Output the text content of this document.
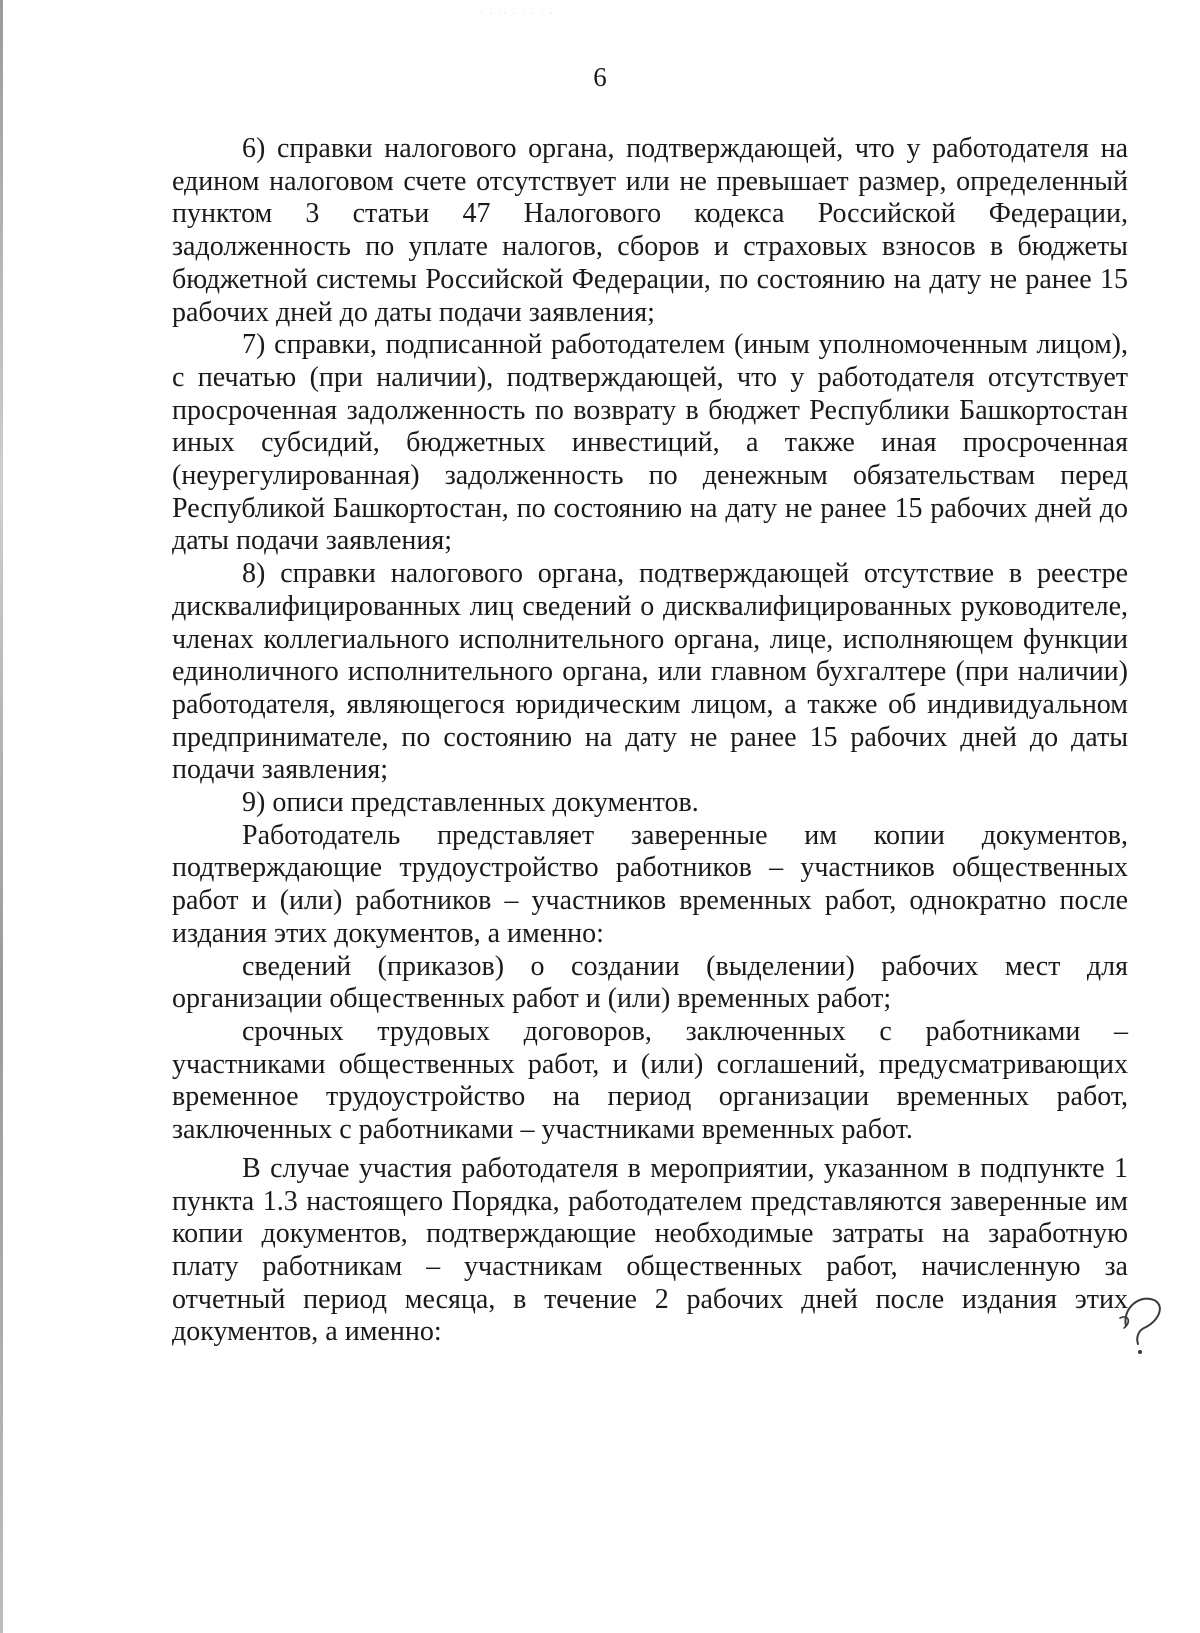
· · ·· · · · · ·
6

6) справки налогового органа, подтверждающей, что у работодателя на едином налоговом счете отсутствует или не превышает размер, определенный пунктом 3 статьи 47 Налогового кодекса Российской Федерации, задолженность по уплате налогов, сборов и страховых взносов в бюджеты бюджетной системы Российской Федерации, по состоянию на дату не ранее 15 рабочих дней до даты подачи заявления;

7) справки, подписанной работодателем (иным уполномоченным лицом), с печатью (при наличии), подтверждающей, что у работодателя отсутствует просроченная задолженность по возврату в бюджет Республики Башкортостан иных субсидий, бюджетных инвестиций, а также иная просроченная (неурегулированная) задолженность по денежным обязательствам перед Республикой Башкортостан, по состоянию на дату не ранее 15 рабочих дней до даты подачи заявления;

8) справки налогового органа, подтверждающей отсутствие в реестре дисквалифицированных лиц сведений о дисквалифицированных руководителе, членах коллегиального исполнительного органа, лице, исполняющем функции единоличного исполнительного органа, или главном бухгалтере (при наличии) работодателя, являющегося юридическим лицом, а также об индивидуальном предпринимателе, по состоянию на дату не ранее 15 рабочих дней до даты подачи заявления;

9) описи представленных документов.

Работодатель представляет заверенные им копии документов, подтверждающие трудоустройство работников – участников общественных работ и (или) работников – участников временных работ, однократно после издания этих документов, а именно:

сведений (приказов) о создании (выделении) рабочих мест для организации общественных работ и (или) временных работ;

срочных трудовых договоров, заключенных с работниками – участниками общественных работ, и (или) соглашений, предусматривающих временное трудоустройство на период организации временных работ, заключенных с работниками – участниками временных работ.

В случае участия работодателя в мероприятии, указанном в подпункте 1 пункта 1.3 настоящего Порядка, работодателем представляются заверенные им копии документов, подтверждающие необходимые затраты на заработную плату работникам – участникам общественных работ, начисленную за отчетный период месяца, в течение 2 рабочих дней после издания этих документов, а именно:
